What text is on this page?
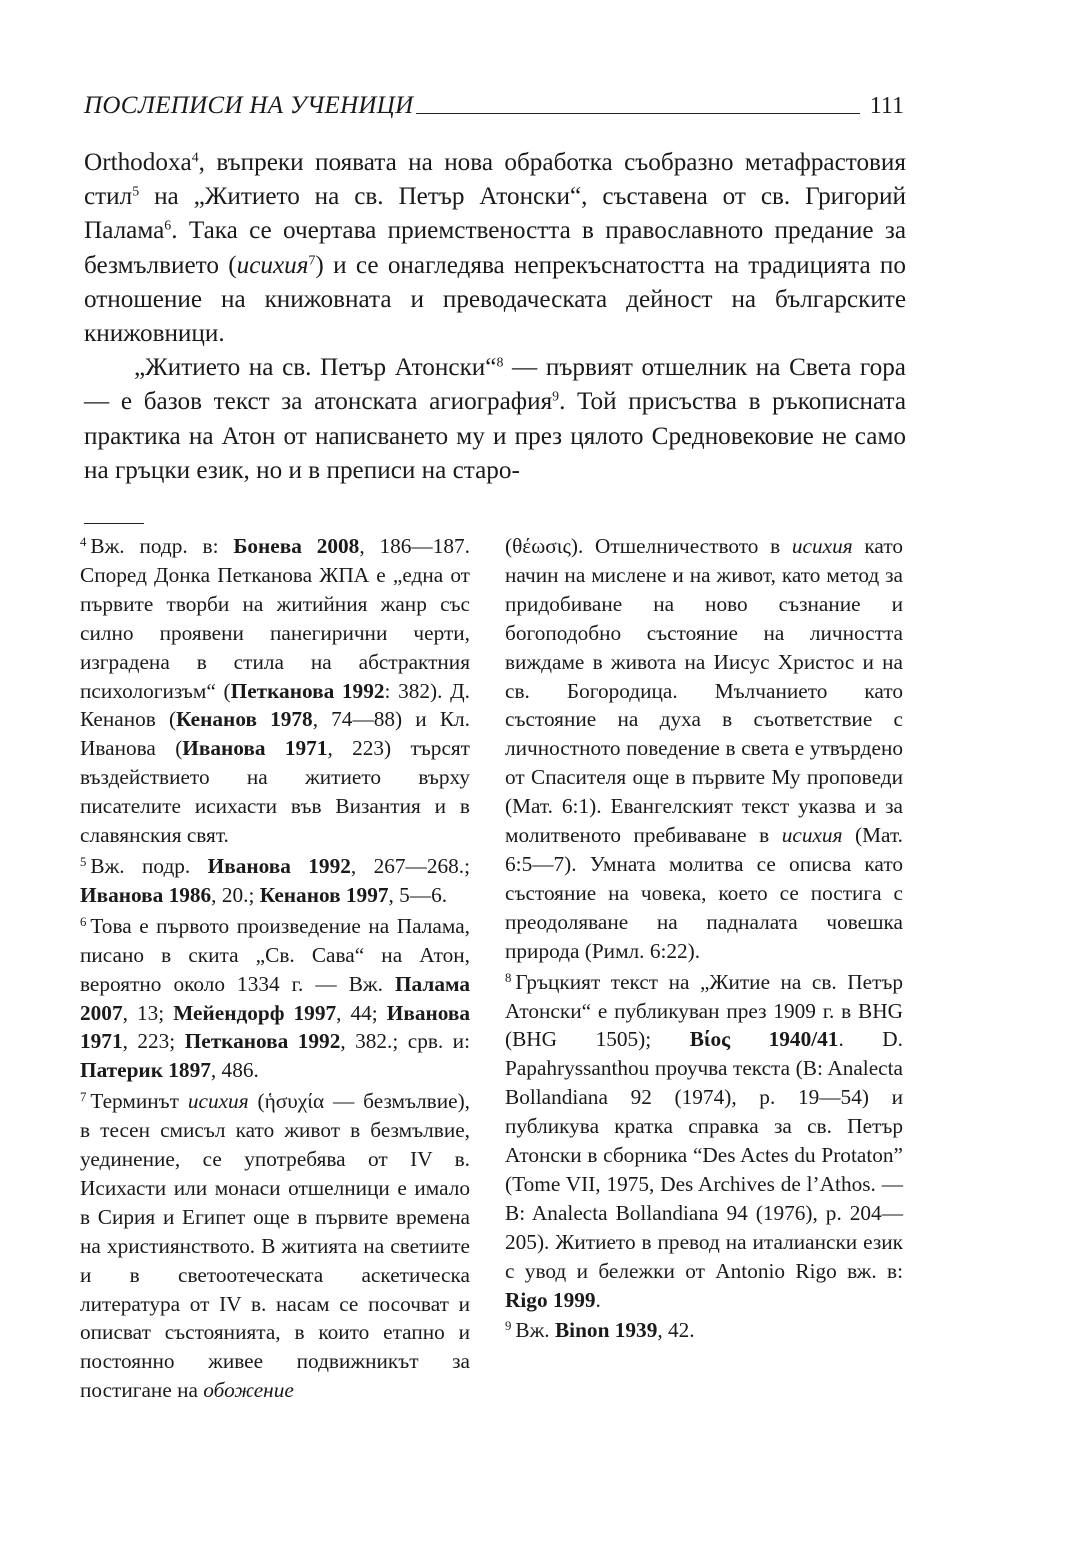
ПОСЛЕПИСИ НА УЧЕНИЦИ	111

Orthodoxa$^4$, въпреки появата на нова обработка съобразно метафрастовия стил$^5$ на „Житието на св. Петър Атонски“, съставена от св. Григорий Палама$^6$. Така се очертава приемствеността в православното предание за безмълвието (исихия$^7$) и се онагледява непрекъснатостта на традицията по отношение на книжовната и преводаческата дейност на българските книжовници.

„Житието на св. Петър Атонски“$^8$ — първият отшелник на Света гора — е базов текст за атонската агиография$^9$. Той присъства в ръкописната практика на Атон от написването му и през цялото Средновековие не само на гръцки език, но и в преписи на старо-

$^4$ Вж. подр. в: Бонева 2008, 186—187. Според Донка Петканова ЖПА е „една от първите творби на житийния жанр със силно проявени панегирични черти, изградена в стила на абстрактния психологизъм“ (Петканова 1992: 382). Д. Кенанов (Кенанов 1978, 74—88) и Кл. Иванова (Иванова 1971, 223) търсят въздействието на житието върху писателите исихасти във Византия и в славянския свят.

$^5$ Вж. подр. Иванова 1992, 267—268.; Иванова 1986, 20.; Кенанов 1997, 5—6.

$^6$ Това е първото произведение на Палама, писано в скита „Св. Сава“ на Атон, вероятно около 1334 г. — Вж. Палама 2007, 13; Мейендорф 1997, 44; Иванова 1971, 223; Петканова 1992, 382.; срв. и: Патерик 1897, 486.

$^7$ Терминът исихия (ἡσυχία — безмълвие), в тесен смисъл като живот в безмълвие, уединение, се употребява от IV в. Исихасти или монаси отшелници е имало в Сирия и Египет още в първите времена на християнството. В житията на светиите и в светоотеческата аскетическа литература от IV в. насам се посочват и описват състоянията, в които етапно и постоянно живее подвижникът за постигане на обожение

(θέωσις). Отшелничеството в исихия като начин на мислене и на живот, като метод за придобиване на ново съзнание и богоподобно състояние на личността виждаме в живота на Иисус Христос и на св. Богородица. Мълчанието като състояние на духа в съответствие с личностното поведение в света е утвърдено от Спасителя още в първите Му проповеди (Мат. 6:1). Евангелският текст указва и за молитвеното пребиваване в исихия (Мат. 6:5—7). Умната молитва се описва като състояние на човека, което се постига с преодоляване на падналата човешка природа (Римл. 6:22).

$^8$ Гръцкият текст на „Житие на св. Петър Атонски“ е публикуван през 1909 г. в BHG (BHG 1505); Bίος 1940/41. D. Papahryssanthou проучва текста (B: Analecta Bollandiana 92 (1974), p. 19—54) и публикува кратка справка за св. Петър Атонски в сборника “Des Actes du Protaton” (Tome VII, 1975, Des Archives de l’Athos. — B: Analecta Bollandiana 94 (1976), p. 204—205). Житието в превод на италиански език с увод и бележки от Antonio Rigo вж. в: Rigo 1999.

$^9$ Вж. Binon 1939, 42.
